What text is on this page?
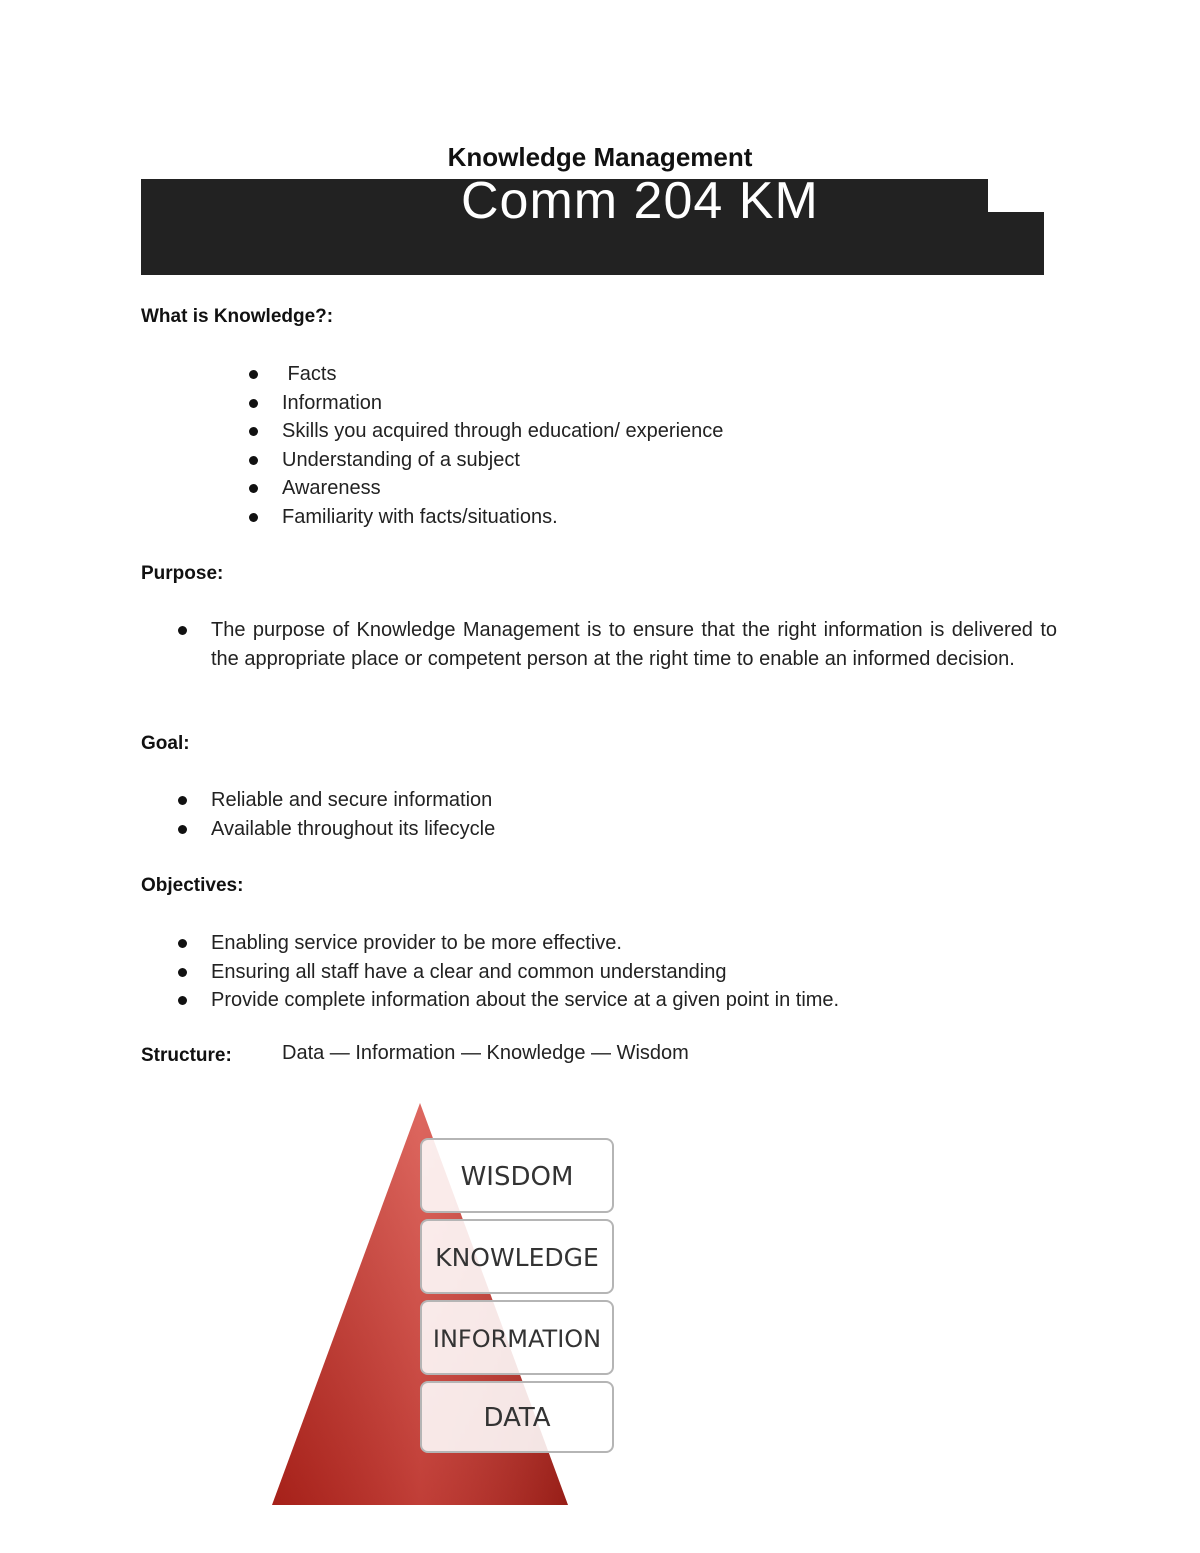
Knowledge Management
Comm 204 KM
What is Knowledge?:
Facts
Information
Skills you acquired through education/ experience
Understanding of a subject
Awareness
Familiarity with facts/situations.
Purpose:
The purpose of Knowledge Management is to ensure that the right information is delivered to the appropriate place or competent person at the right time to enable an informed decision.
Goal:
Reliable and secure information
Available throughout its lifecycle
Objectives:
Enabling service provider to be more effective.
Ensuring all staff have a clear and common understanding
Provide complete information about the service at a given point in time.
Structure:	Data — Information — Knowledge — Wisdom
WISDOM
KNOWLEDGE
INFORMATION
DATA
